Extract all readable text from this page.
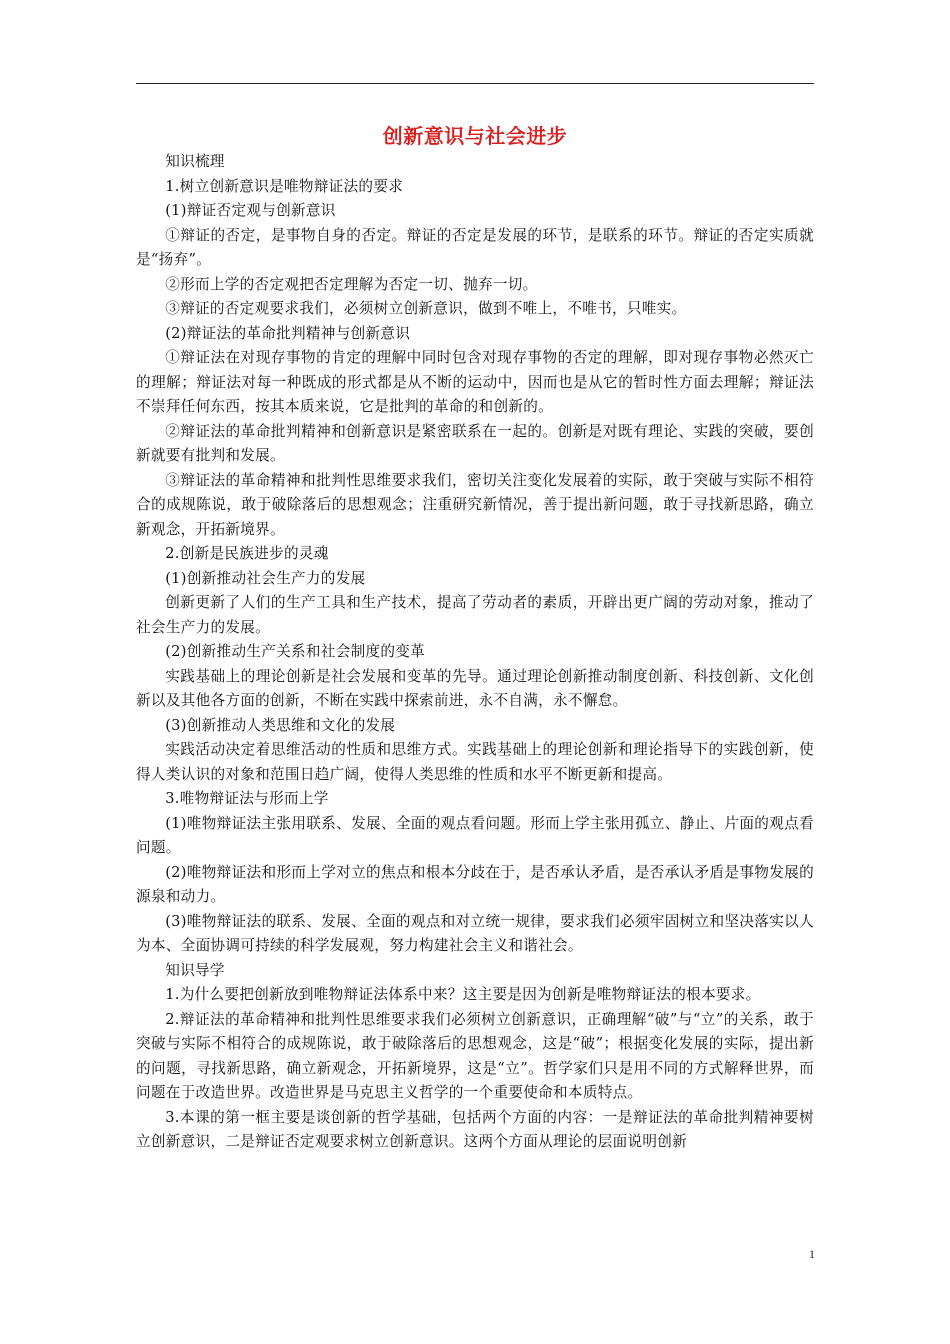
创新意识与社会进步

知识梳理

1.树立创新意识是唯物辩证法的要求

(1)辩证否定观与创新意识

①辩证的否定，是事物自身的否定。辩证的否定是发展的环节，是联系的环节。辩证的否定实质就是“扬弃”。

②形而上学的否定观把否定理解为否定一切、抛弃一切。

③辩证的否定观要求我们，必须树立创新意识，做到不唯上，不唯书，只唯实。

(2)辩证法的革命批判精神与创新意识

①辩证法在对现存事物的肯定的理解中同时包含对现存事物的否定的理解，即对现存事物必然灭亡的理解；辩证法对每一种既成的形式都是从不断的运动中，因而也是从它的暂时性方面去理解；辩证法不崇拜任何东西，按其本质来说，它是批判的革命的和创新的。

②辩证法的革命批判精神和创新意识是紧密联系在一起的。创新是对既有理论、实践的突破，要创新就要有批判和发展。

③辩证法的革命精神和批判性思维要求我们，密切关注变化发展着的实际，敢于突破与实际不相符合的成规陈说，敢于破除落后的思想观念；注重研究新情况，善于提出新问题，敢于寻找新思路，确立新观念，开拓新境界。

2.创新是民族进步的灵魂

(1)创新推动社会生产力的发展

创新更新了人们的生产工具和生产技术，提高了劳动者的素质，开辟出更广阔的劳动对象，推动了社会生产力的发展。

(2)创新推动生产关系和社会制度的变革

实践基础上的理论创新是社会发展和变革的先导。通过理论创新推动制度创新、科技创新、文化创新以及其他各方面的创新，不断在实践中探索前进，永不自满，永不懈怠。

(3)创新推动人类思维和文化的发展

实践活动决定着思维活动的性质和思维方式。实践基础上的理论创新和理论指导下的实践创新，使得人类认识的对象和范围日趋广阔，使得人类思维的性质和水平不断更新和提高。

3.唯物辩证法与形而上学

(1)唯物辩证法主张用联系、发展、全面的观点看问题。形而上学主张用孤立、静止、片面的观点看问题。

(2)唯物辩证法和形而上学对立的焦点和根本分歧在于，是否承认矛盾，是否承认矛盾是事物发展的源泉和动力。

(3)唯物辩证法的联系、发展、全面的观点和对立统一规律，要求我们必须牢固树立和坚决落实以人为本、全面协调可持续的科学发展观，努力构建社会主义和谐社会。

知识导学

1.为什么要把创新放到唯物辩证法体系中来？这主要是因为创新是唯物辩证法的根本要求。

2.辩证法的革命精神和批判性思维要求我们必须树立创新意识，正确理解“破”与“立”的关系，敢于突破与实际不相符合的成规陈说，敢于破除落后的思想观念，这是“破”；根据变化发展的实际，提出新的问题，寻找新思路，确立新观念，开拓新境界，这是“立”。哲学家们只是用不同的方式解释世界，而问题在于改造世界。改造世界是马克思主义哲学的一个重要使命和本质特点。

3.本课的第一框主要是谈创新的哲学基础，包括两个方面的内容：一是辩证法的革命批判精神要树立创新意识，二是辩证否定观要求树立创新意识。这两个方面从理论的层面说明创新

1
